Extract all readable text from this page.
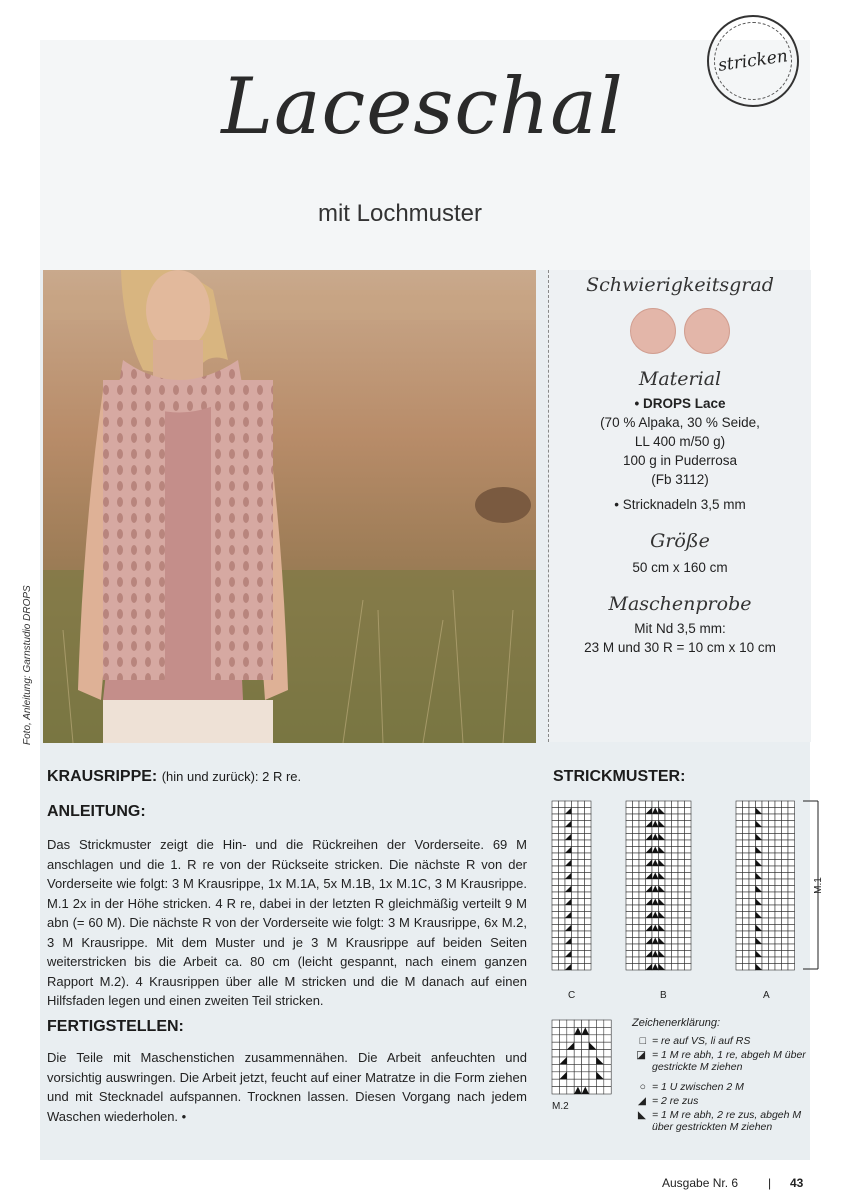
stricken
Laceschal
mit Lochmuster
Foto, Anleitung: Garnstudio DROPS
Schwierigkeitsgrad
Material
• DROPS Lace
(70 % Alpaka, 30 % Seide,
LL 400 m/50 g)
100 g in Puderrosa
(Fb 3112)
• Stricknadeln 3,5 mm
Größe
50 cm x 160 cm
Maschenprobe
Mit Nd 3,5 mm:
23 M und 30 R = 10 cm x 10 cm
KRAUSRIPPE: (hin und zurück): 2 R re.
ANLEITUNG:
Das Strickmuster zeigt die Hin- und die Rückreihen der Vorderseite. 69 M anschlagen und die 1. R re von der Rückseite stricken. Die nächste R von der Vorderseite wie folgt: 3 M Krausrippe, 1x M.1A, 5x M.1B, 1x M.1C, 3 M Krausrippe. M.1 2x in der Höhe stricken. 4 R re, dabei in der letzten R gleichmäßig verteilt 9 M abn (= 60 M). Die nächste R von der Vorderseite wie folgt: 3 M Krausrippe, 6x M.2, 3 M Krausrippe. Mit dem Muster und je 3 M Krausrippe auf beiden Seiten weiterstricken bis die Arbeit ca. 80 cm (leicht gespannt, nach einem ganzen Rapport M.2). 4 Krausrippen über alle M stricken und die M danach auf einen Hilfsfaden legen und einen zweiten Teil stricken.
FERTIGSTELLEN:
Die Teile mit Maschenstichen zusammennähen. Die Arbeit anfeuchten und vorsichtig auswringen. Die Arbeit jetzt, feucht auf einer Matratze in die Form ziehen und mit Stecknadel aufspannen. Trocknen lassen. Diesen Vorgang nach jedem Waschen wiederholen. •
STRICKMUSTER:
M.1
C	B	A
M.2
Zeichenerklärung:
□ = re auf VS, li auf RS
◪ = 1 M re abh, 1 re, abgeh M über gestrickte M ziehen
○ = 1 U zwischen 2 M
◢ = 2 re zus
◣ = 1 M re abh, 2 re zus, abgeh M über gestrickten M ziehen
Ausgabe Nr. 6 | 43
